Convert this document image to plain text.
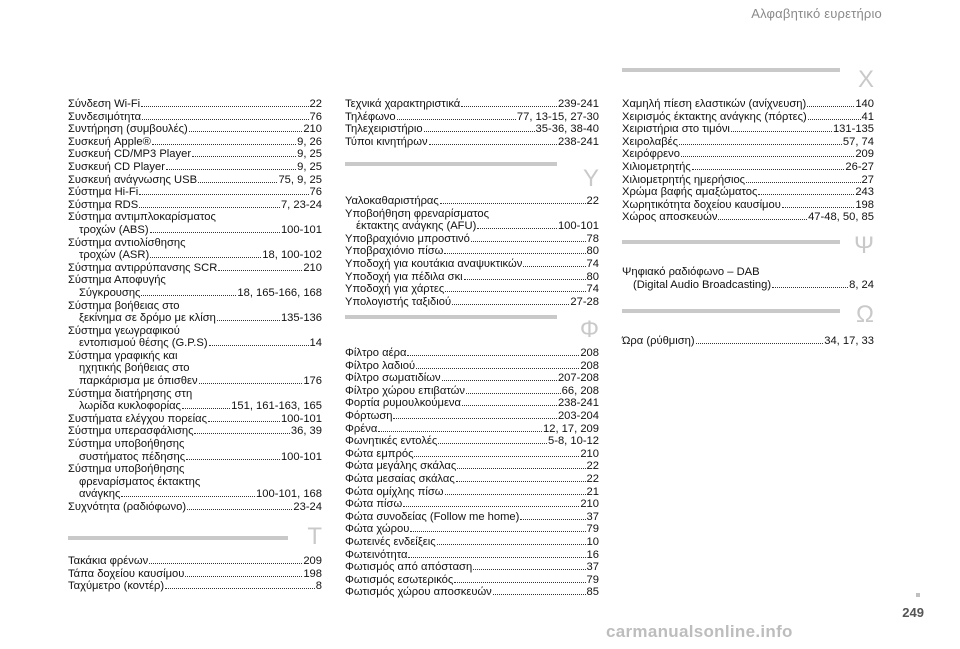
Αλφαβητικό ευρετήριο
Σύνδεση Wi-Fi	22
Συνδεσιμότητα	76
Συντήρηση (συμβουλές)	210
Συσκευή Apple®	9, 26
Συσκευή CD/MP3 Player	9, 25
Συσκευή CD Player	9, 25
Συσκευή ανάγνωσης USB	75, 9, 25
Σύστημα Hi-Fi	76
Σύστημα RDS	7, 23-24
Σύστημα αντιμπλοκαρίσματος
τροχών (ABS)	100-101
Σύστημα αντιολίσθησης
τροχών (ASR)	18, 100-102
Σύστημα αντιρρύπανσης SCR	210
Σύστημα Αποφυγής
Σύγκρουσης	18, 165-166, 168
Σύστημα βοήθειας στο
ξεκίνημα σε δρόμο με κλίση	135-136
Σύστημα γεωγραφικού
εντοπισμού θέσης (G.P.S)	14
Σύστημα γραφικής και
ηχητικής βοήθειας στο
παρκάρισμα με όπισθεν	176
Σύστημα διατήρησης στη
λωρίδα κυκλοφορίας	151, 161-163, 165
Συστήματα ελέγχου πορείας	100-101
Σύστημα υπερασφάλισης	36, 39
Σύστημα υποβοήθησης
συστήματος πέδησης	100-101
Σύστημα υποβοήθησης
φρεναρίσματος έκτακτης
ανάγκης	100-101, 168
Συχνότητα (ραδιόφωνο)	23-24
Τ
Τακάκια φρένων	209
Τάπα δοχείου καυσίμου	198
Ταχύμετρο (κοντέρ)	8
Τεχνικά χαρακτηριστικά	239-241
Τηλέφωνο	77, 13-15, 27-30
Τηλεχειριστήριο	35-36, 38-40
Τύποι κινητήρων	238-241
Υ
Υαλοκαθαριστήρας	22
Υποβοήθηση φρεναρίσματος
έκτακτης ανάγκης (AFU)	100-101
Υποβραχιόνιο μπροστινό	78
Υποβραχιόνιο πίσω	80
Υποδοχή για κουτάκια αναψυκτικών	74
Υποδοχή για πέδιλα σκι	80
Υποδοχή για χάρτες	74
Υπολογιστής ταξιδιού	27-28
Φ
Φίλτρο αέρα	208
Φίλτρο λαδιού	208
Φίλτρο σωματιδίων	207-208
Φίλτρο χώρου επιβατών	66, 208
Φορτία ρυμουλκούμενα	238-241
Φόρτωση	203-204
Φρένα	12, 17, 209
Φωνητικές εντολές	5-8, 10-12
Φώτα εμπρός	210
Φώτα μεγάλης σκάλας	22
Φώτα μεσαίας σκάλας	22
Φώτα ομίχλης πίσω	21
Φώτα πίσω	210
Φώτα συνοδείας (Follow me home)	37
Φώτα χώρου	79
Φωτεινές ενδείξεις	10
Φωτεινότητα	16
Φωτισμός από απόσταση	37
Φωτισμός εσωτερικός	79
Φωτισμός χώρου αποσκευών	85
Χ
Χαμηλή πίεση ελαστικών (ανίχνευση)	140
Χειρισμός έκτακτης ανάγκης (πόρτες)	41
Χειριστήρια στο τιμόνι	131-135
Χειρολαβές	57, 74
Χειρόφρενο	209
Χιλιομετρητής	26-27
Χιλιομετρητής ημερήσιος	27
Χρώμα βαφής αμαξώματος	243
Χωρητικότητα δοχείου καυσίμου	198
Χώρος αποσκευών	47-48, 50, 85
Ψ
Ψηφιακό ραδιόφωνο – DAB
(Digital Audio Broadcasting)	8, 24
Ω
Ώρα (ρύθμιση)	34, 17, 33
249
carmanualsonline.info
